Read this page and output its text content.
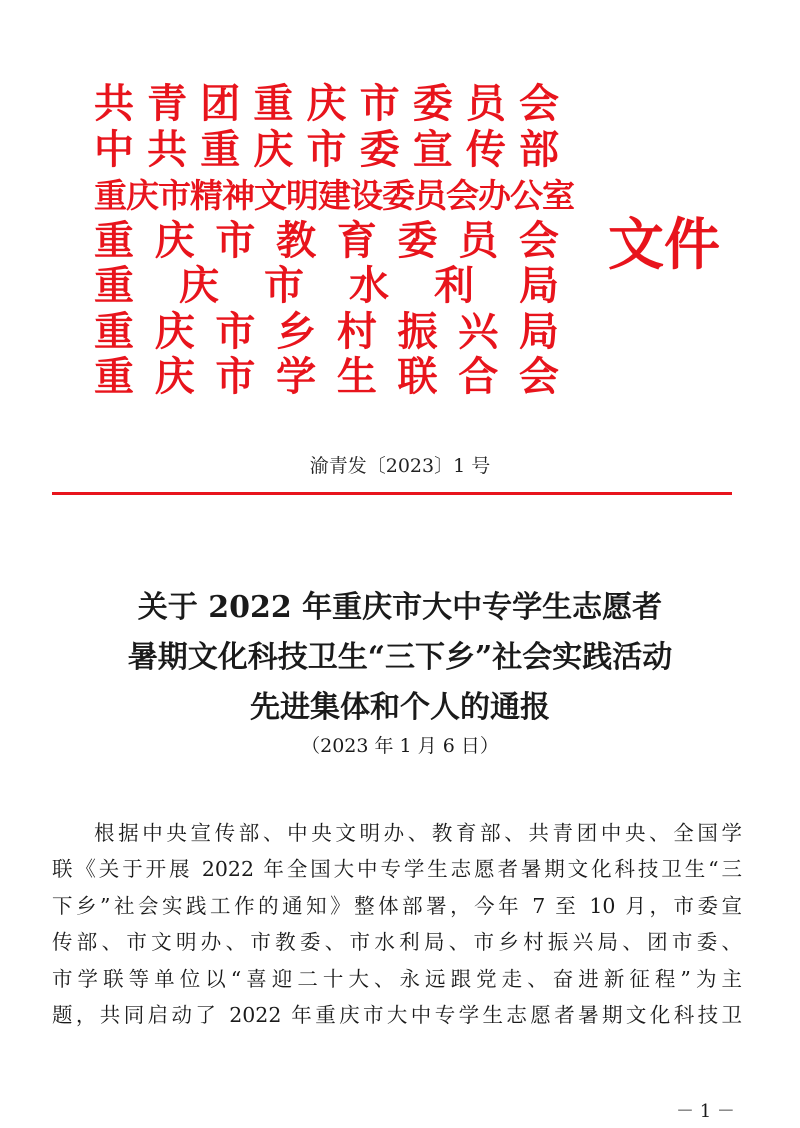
共 青 团 重 庆 市 委 员 会
中 共 重 庆 市 委 宣 传 部
重 庆 市 精 神 文 明 建 设 委 员 会 办 公 室
重 庆 市 教 育 委 员 会
重 庆 市 水 利 局
重 庆 市 乡 村 振 兴 局
重 庆 市 学 生 联 合 会
文件
渝青发〔2023〕1 号
关于 2022 年重庆市大中专学生志愿者
暑期文化科技卫生“三下乡”社会实践活动
先进集体和个人的通报
（2023 年 1 月 6 日）
根据中央宣传部、中央文明办、教育部、共青团中央、全国学
联《关于开展 2022 年全国大中专学生志愿者暑期文化科技卫生“三
下乡”社会实践工作的通知》整体部署，今年 7 至 10 月，市委宣
传部、市文明办、市教委、市水利局、市乡村振兴局、团市委、
市学联等单位以“喜迎二十大、永远跟党走、奋进新征程”为主
题，共同启动了 2022 年重庆市大中专学生志愿者暑期文化科技卫
－ 1 －
